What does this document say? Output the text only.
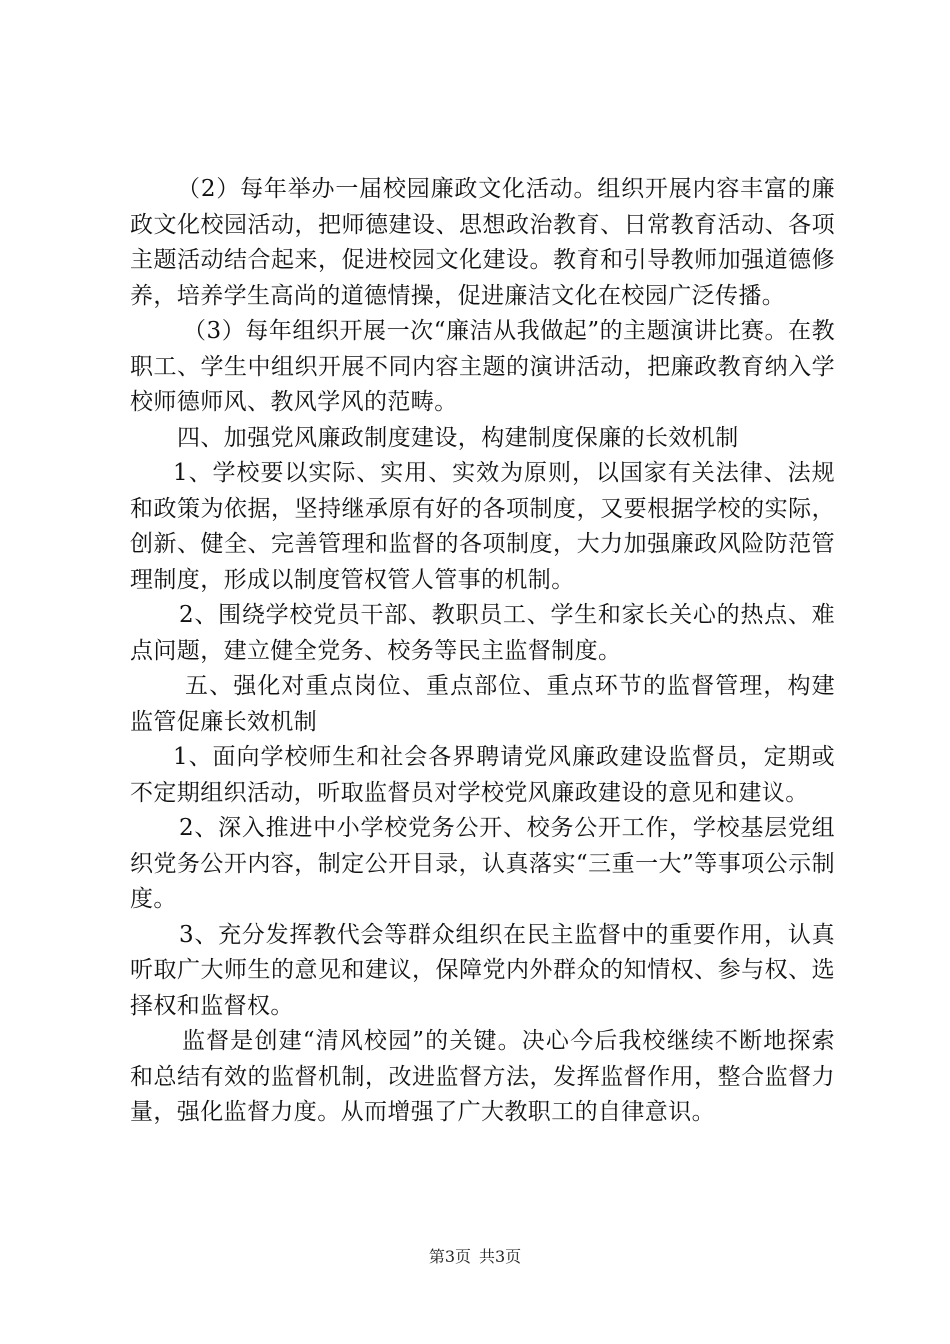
（2）每年举办一届校园廉政文化活动。组织开展内容丰富的廉政文化校园活动，把师德建设、思想政治教育、日常教育活动、各项主题活动结合起来，促进校园文化建设。教育和引导教师加强道德修养，培养学生高尚的道德情操，促进廉洁文化在校园广泛传播。

（3）每年组织开展一次“廉洁从我做起”的主题演讲比赛。在教职工、学生中组织开展不同内容主题的演讲活动，把廉政教育纳入学校师德师风、教风学风的范畴。

四、加强党风廉政制度建设，构建制度保廉的长效机制

1、学校要以实际、实用、实效为原则，以国家有关法律、法规和政策为依据，坚持继承原有好的各项制度，又要根据学校的实际，创新、健全、完善管理和监督的各项制度，大力加强廉政风险防范管理制度，形成以制度管权管人管事的机制。

2、围绕学校党员干部、教职员工、学生和家长关心的热点、难点问题，建立健全党务、校务等民主监督制度。

五、强化对重点岗位、重点部位、重点环节的监督管理，构建监管促廉长效机制

1、面向学校师生和社会各界聘请党风廉政建设监督员，定期或不定期组织活动，听取监督员对学校党风廉政建设的意见和建议。

2、深入推进中小学校党务公开、校务公开工作，学校基层党组织党务公开内容，制定公开目录，认真落实“三重一大”等事项公示制度。

3、充分发挥教代会等群众组织在民主监督中的重要作用，认真听取广大师生的意见和建议，保障党内外群众的知情权、参与权、选择权和监督权。

监督是创建“清风校园”的关键。决心今后我校继续不断地探索和总结有效的监督机制，改进监督方法，发挥监督作用，整合监督力量，强化监督力度。从而增强了广大教职工的自律意识。

第3页 共3页
